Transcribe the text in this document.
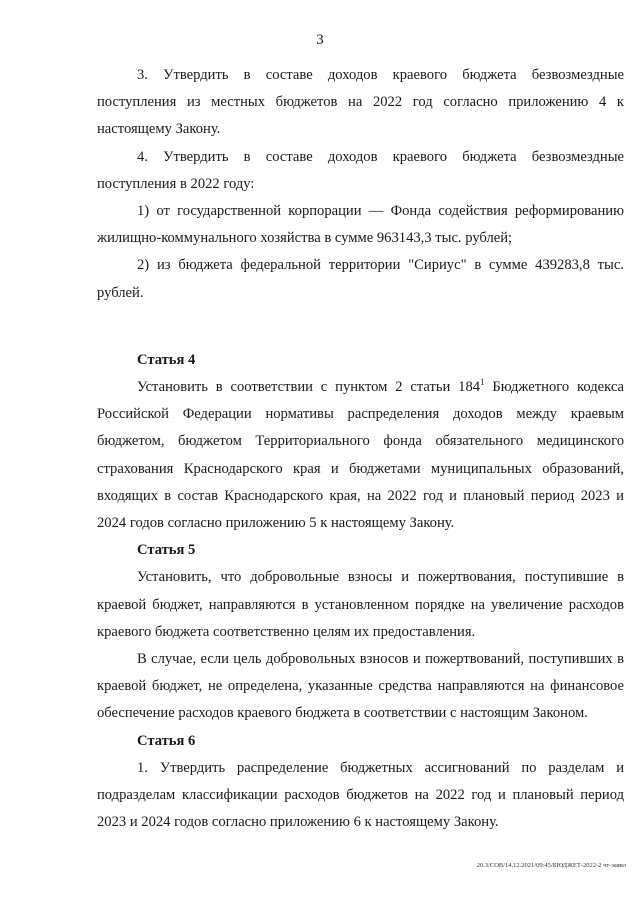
3

3. Утвердить в составе доходов краевого бюджета безвозмездные поступления из местных бюджетов на 2022 год согласно приложению 4 к настоящему Закону.

4. Утвердить в составе доходов краевого бюджета безвозмездные поступления в 2022 году:

1) от государственной корпорации — Фонда содействия реформированию жилищно-коммунального хозяйства в сумме 963143,3 тыс. рублей;

2) из бюджета федеральной территории "Сириус" в сумме 439283,8 тыс. рублей.

Статья 4

Установить в соответствии с пунктом 2 статьи $184^1$ Бюджетного кодекса Российской Федерации нормативы распределения доходов между краевым бюджетом, бюджетом Территориального фонда обязательного медицинского страхования Краснодарского края и бюджетами муниципальных образований, входящих в состав Краснодарского края, на 2022 год и плановый период 2023 и 2024 годов согласно приложению 5 к настоящему Закону.

Статья 5

Установить, что добровольные взносы и пожертвования, поступившие в краевой бюджет, направляются в установленном порядке на увеличение расходов краевого бюджета соответственно целям их предоставления.

В случае, если цель добровольных взносов и пожертвований, поступивших в краевой бюджет, не определена, указанные средства направляются на финансовое обеспечение расходов краевого бюджета в соответствии с настоящим Законом.

Статья 6

1. Утвердить распределение бюджетных ассигнований по разделам и подразделам классификации расходов бюджетов на 2022 год и плановый период 2023 и 2024 годов согласно приложению 6 к настоящему Закону.

20.3/СОВ/14.12.2021/09:45/БЮДЖЕТ-2022-2 чт-заявл
